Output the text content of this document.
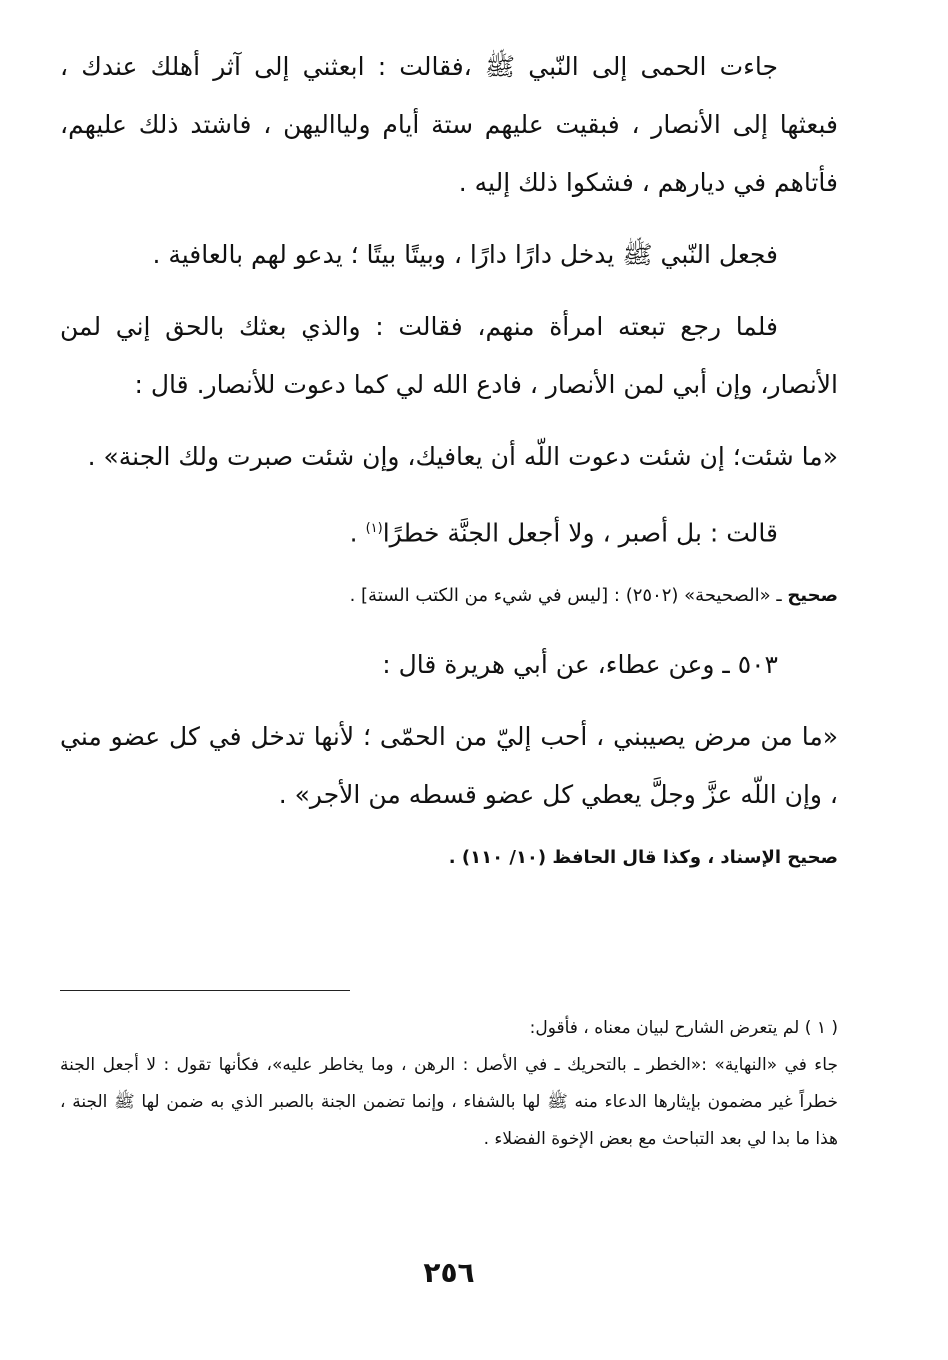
جاءت الحمى إلى النّبي ﷺ ،فقالت : ابعثني إلى آثر أهلك عندك ، فبعثها إلى الأنصار ، فبقيت عليهم ستة أيام وليااليهن ، فاشتد ذلك عليهم، فأتاهم في ديارهم ، فشكوا ذلك إليه .

فجعل النّبي ﷺ يدخل دارًا دارًا ، وبيتًا بيتًا ؛ يدعو لهم بالعافية .

فلما رجع تبعته امرأة منهم، فقالت : والذي بعثك بالحق إني لمن الأنصار، وإن أبي لمن الأنصار ، فادع الله لي كما دعوت للأنصار. قال :

«ما شئت؛ إن شئت دعوت اللّه أن يعافيك، وإن شئت صبرت ولك الجنة» .

قالت : بل أصبر ، ولا أجعل الجنَّة خطرًا$^{(١)}$ .

صحيح ـ «الصحيحة» (٢٥٠٢) : [ليس في شيء من الكتب الستة] .

٥٠٣ ـ وعن عطاء، عن أبي هريرة قال :

«ما من مرض يصيبني ، أحب إليّ من الحمّى ؛ لأنها تدخل في كل عضو مني ، وإن اللّه عزَّ وجلَّ يعطي كل عضو قسطه من الأجر» .

صحيح الإسناد ، وكذا قال الحافظ (١٠/ ١١٠) .

( ١ ) لم يتعرض الشارح لبيان معناه ، فأقول:

جاء في «النهاية» :«الخطر ـ بالتحريك ـ في الأصل : الرهن ، وما يخاطر عليه»، فكأنها تقول : لا أجعل الجنة خطراً غير مضمون بإيثارها الدعاء منه ﷺ لها بالشفاء ، وإنما تضمن الجنة بالصبر الذي به ضمن لها ﷺ الجنة ، هذا ما بدا لي بعد التباحث مع بعض الإخوة الفضلاء .

٢٥٦
